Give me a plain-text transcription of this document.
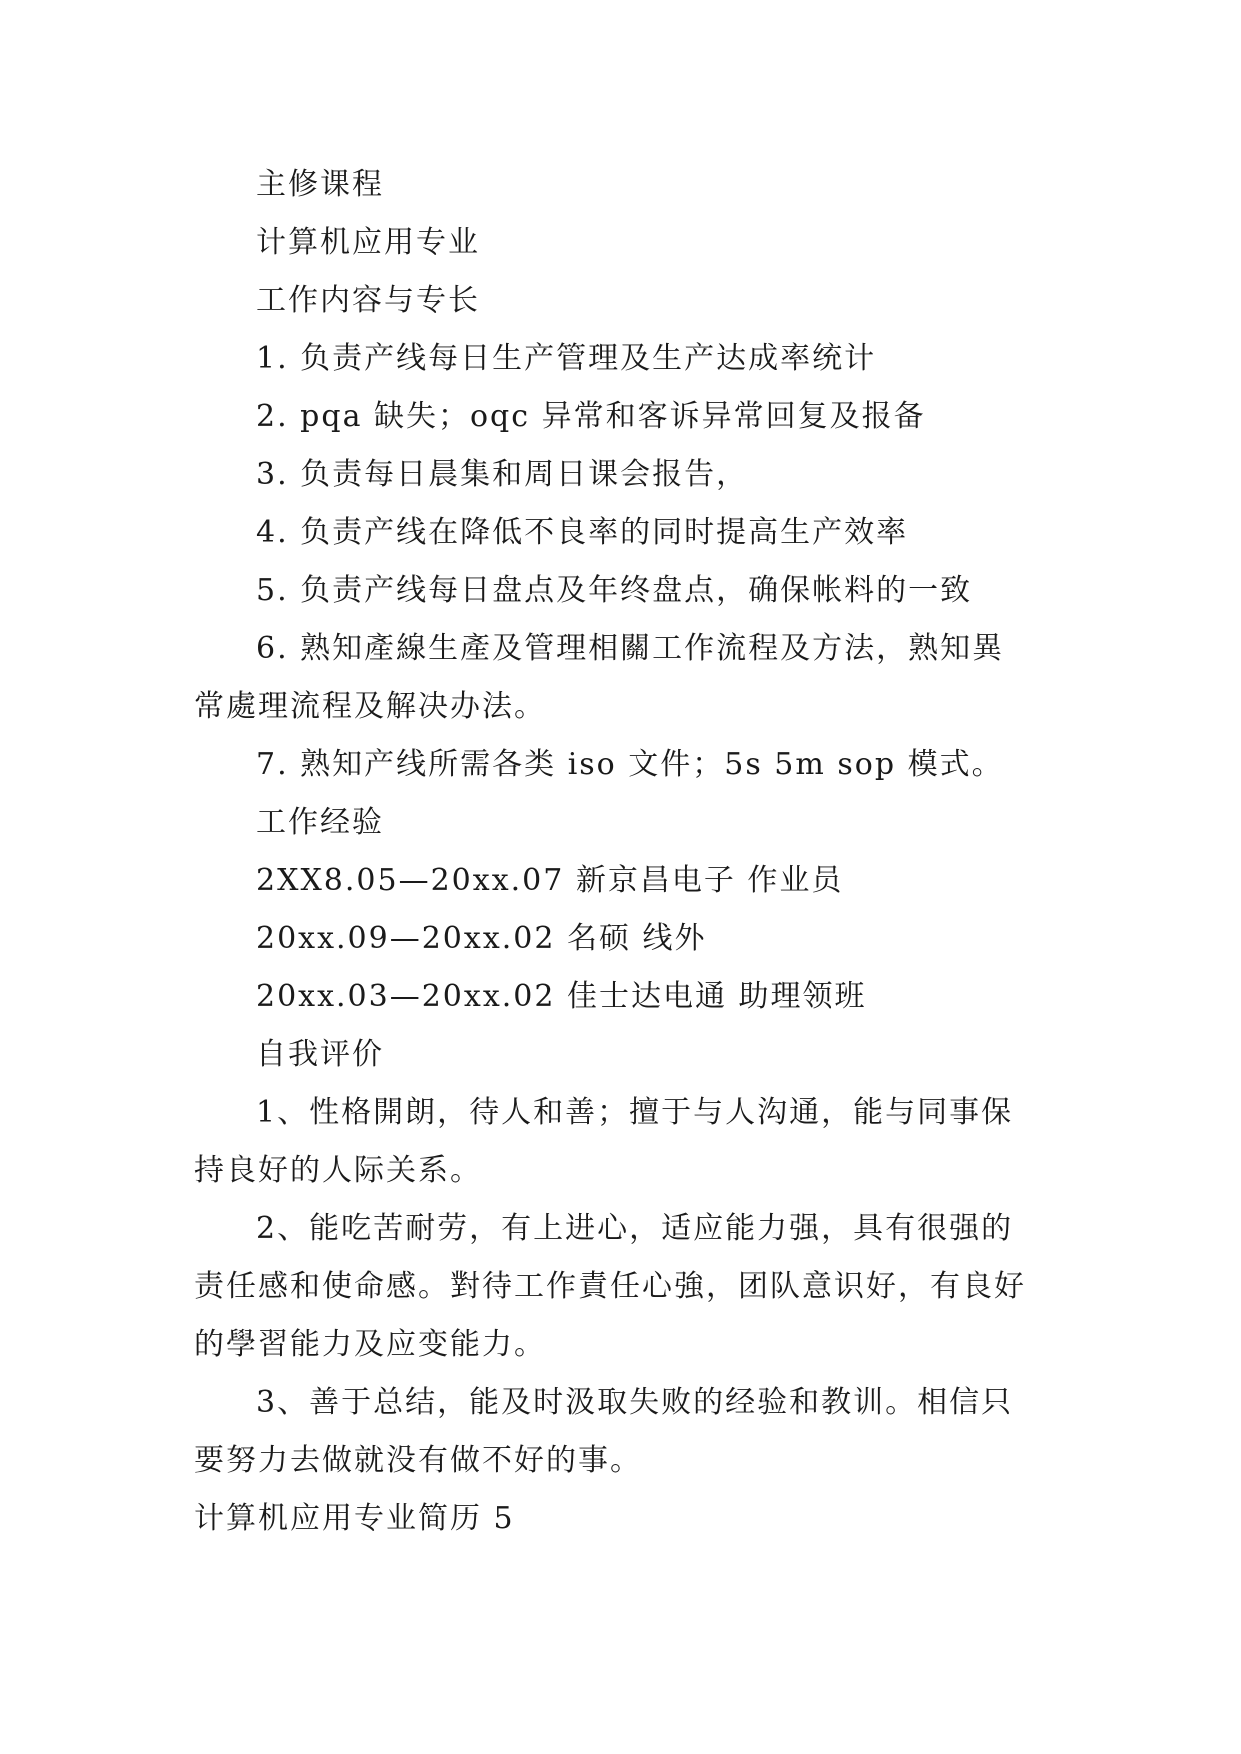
主修课程
计算机应用专业
工作内容与专长
1. 负责产线每日生产管理及生产达成率统计
2. pqa 缺失；oqc 异常和客诉异常回复及报备
3. 负责每日晨集和周日课会报告，
4. 负责产线在降低不良率的同时提高生产效率
5. 负责产线每日盘点及年终盘点，确保帐料的一致
6. 熟知產線生產及管理相關工作流程及方法，熟知異
常處理流程及解决办法。
7. 熟知产线所需各类 iso 文件；5s 5m sop 模式。
工作经验
2XX8.05—20xx.07 新京昌电子 作业员
20xx.09—20xx.02 名硕 线外
20xx.03—20xx.02 佳士达电通 助理领班
自我评价
1、性格開朗，待人和善；擅于与人沟通，能与同事保
持良好的人际关系。
2、能吃苦耐劳，有上进心，适应能力强，具有很强的
责任感和使命感。對待工作責任心強，团队意识好，有良好
的學習能力及应变能力。
3、善于总结，能及时汲取失败的经验和教训。相信只
要努力去做就没有做不好的事。
计算机应用专业简历 5
